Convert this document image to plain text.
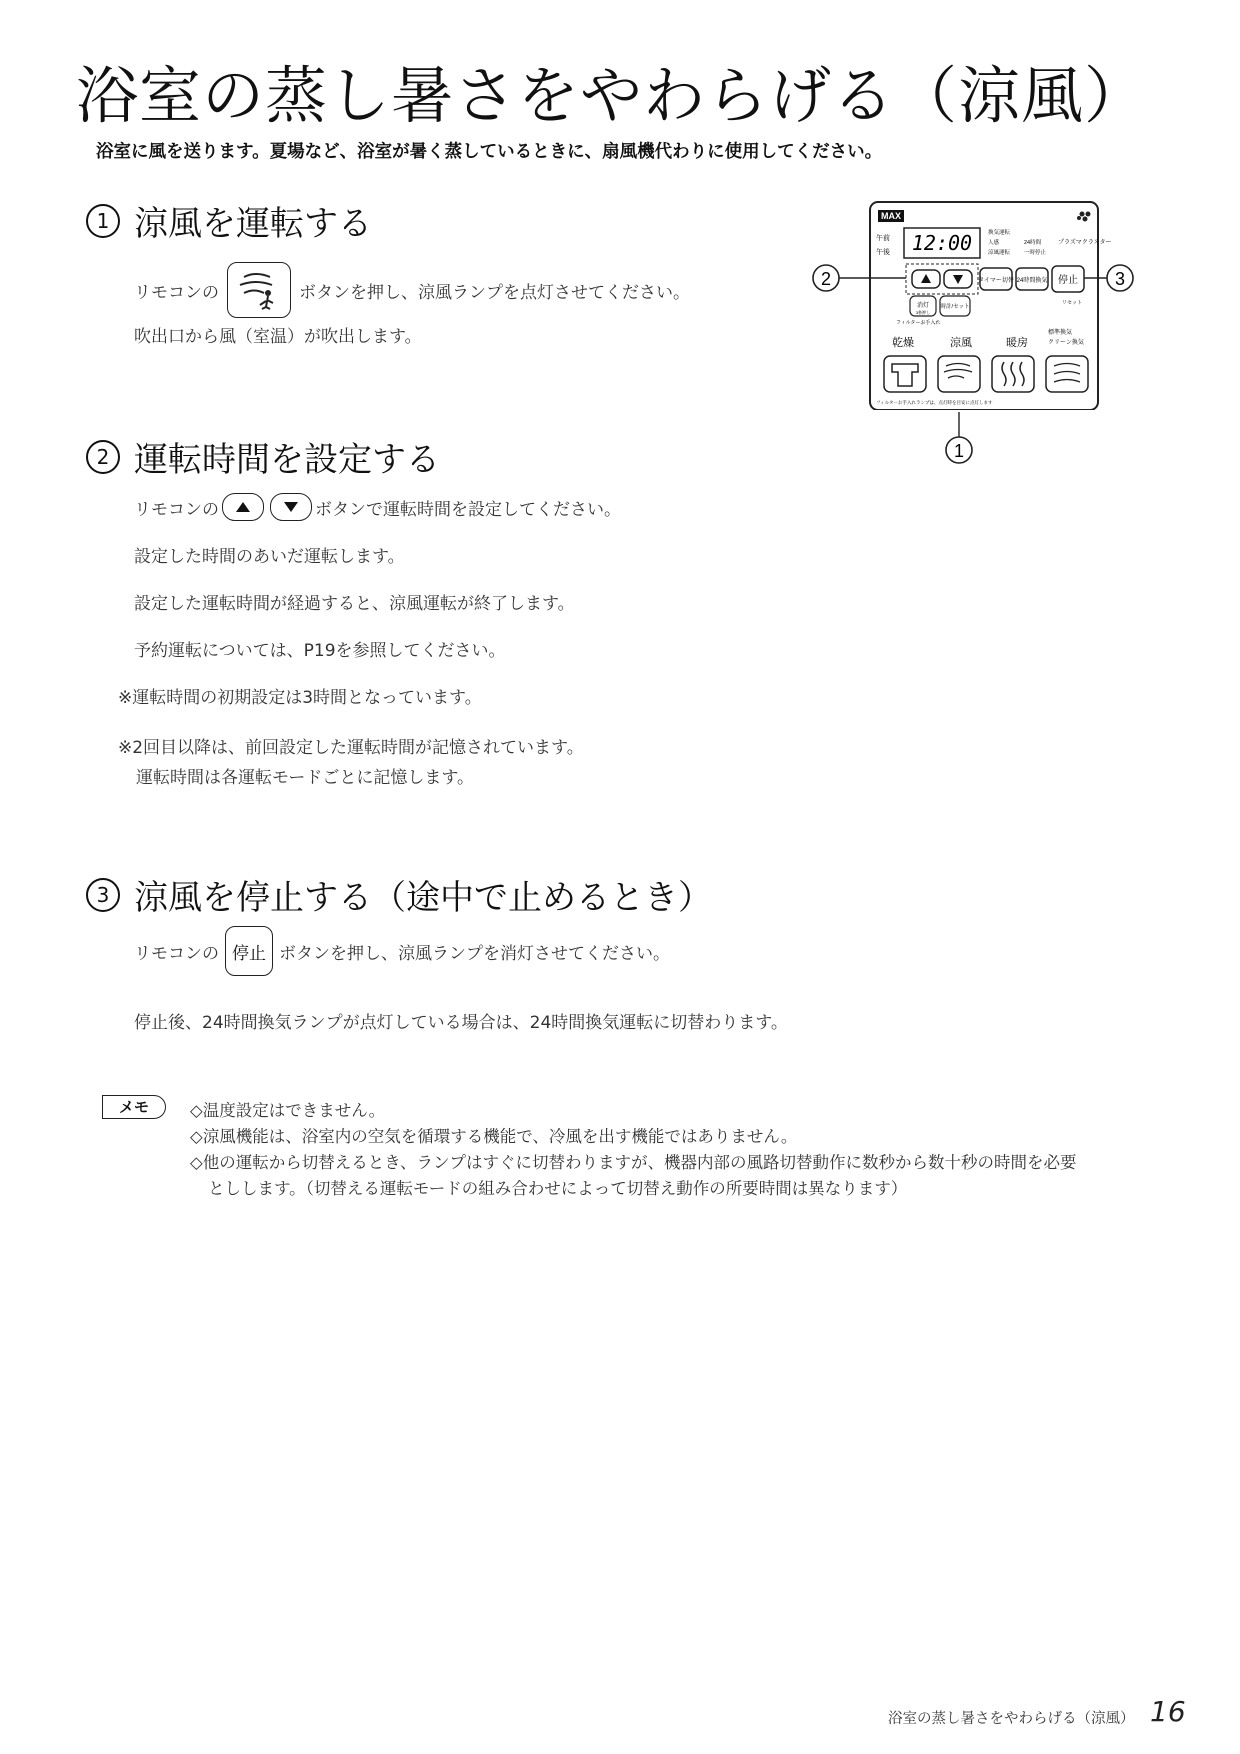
浴室の蒸し暑さをやわらげる（涼風）
浴室に風を送ります。夏場など、浴室が暑く蒸しているときに、扇風機代わりに使用してください。
1 涼風を運転する
リモコンの	ボタンを押し、涼風ランプを点灯させてください。
吹出口から風（室温）が吹出します。
2 運転時間を設定する
リモコンの	ボタンで運転時間を設定してください。
設定した時間のあいだ運転します。
設定した運転時間が経過すると、涼風運転が終了します。
予約運転については、P19を参照してください。
※運転時間の初期設定は3時間となっています。
※2回目以降は、前回設定した運転時間が記憶されています。
運転時間は各運転モードごとに記憶します。
3 涼風を停止する（途中で止めるとき）
リモコンの 停止 ボタンを押し、涼風ランプを消灯させてください。
停止後、24時間換気ランプが点灯している場合は、24時間換気運転に切替わります。
メモ	◇温度設定はできません。
◇涼風機能は、浴室内の空気を循環する機能で、冷風を出す機能ではありません。
◇他の運転から切替えるとき、ランプはすぐに切替わりますが、機器内部の風路切替動作に数秒から数十秒の時間を必要
としします。（切替える運転モードの組み合わせによって切替え動作の所要時間は異なります）
MAX
午前
午後 12:00	換気運転
人感	24時間
涼風運転	一時停止
プラズマクラスター
タイマー切替 24時間換気 停止
消灯
3秒押し
時計/セット
フィルターお手入れ
リセット
乾燥	涼風	暖房
標準換気
クリーン換気
フィルターお手入れランプは、点灯時を目安に点灯します
2	3
1
浴室の蒸し暑さをやわらげる（涼風） 16
